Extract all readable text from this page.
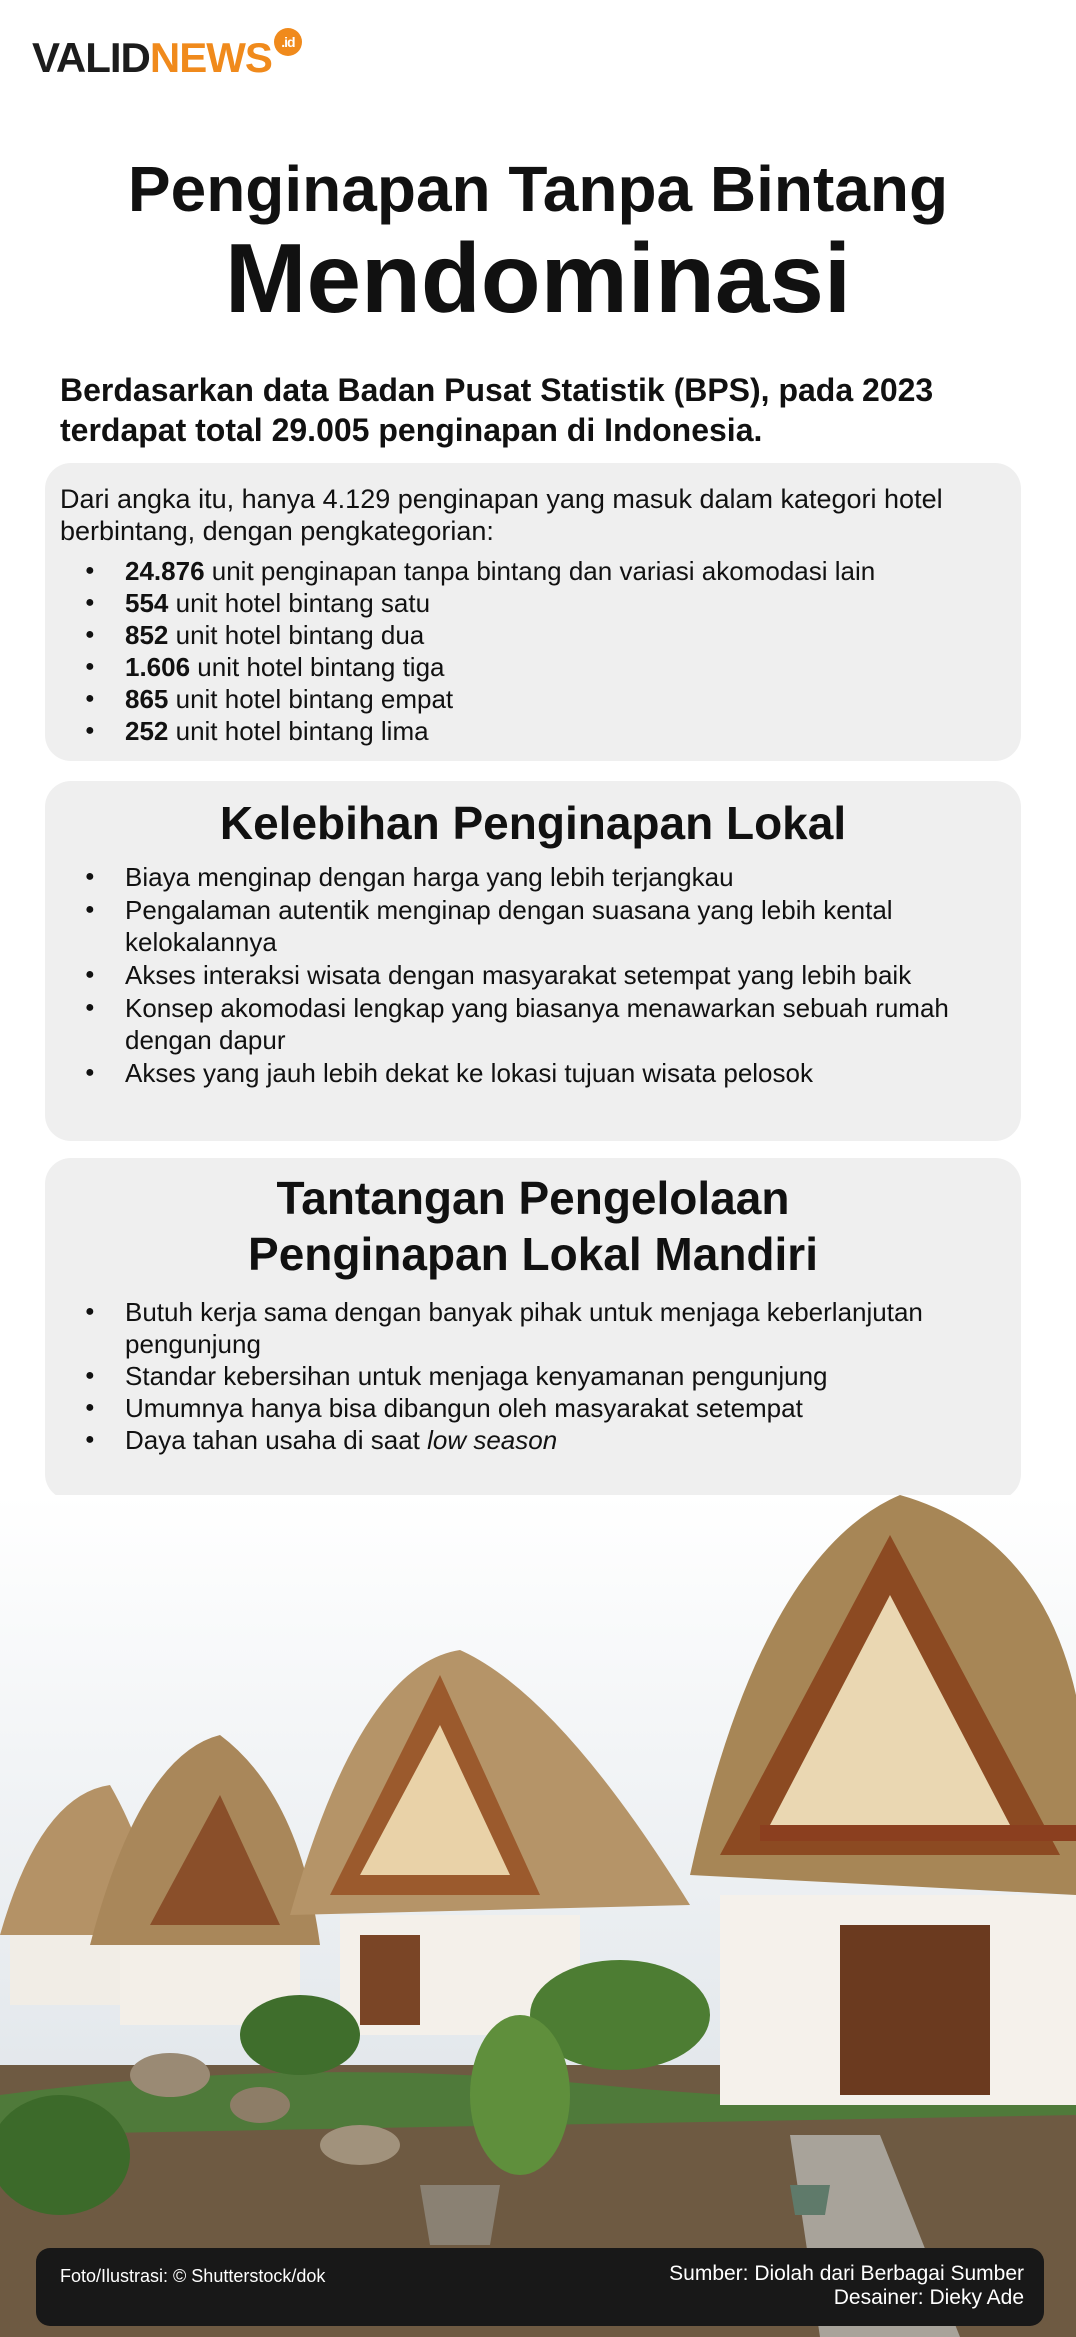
VALIDNEWS .id
Penginapan Tanpa Bintang
Mendominasi
Berdasarkan data Badan Pusat Statistik (BPS), pada 2023 terdapat total 29.005 penginapan di Indonesia.
Dari angka itu, hanya 4.129 penginapan yang masuk dalam kategori hotel berbintang, dengan pengkategorian:
● 24.876 unit penginapan tanpa bintang dan variasi akomodasi lain
● 554 unit hotel bintang satu
● 852 unit hotel bintang dua
● 1.606 unit hotel bintang tiga
● 865 unit hotel bintang empat
● 252 unit hotel bintang lima
Kelebihan Penginapan Lokal
● Biaya menginap dengan harga yang lebih terjangkau
● Pengalaman autentik menginap dengan suasana yang lebih kental kelokalannya
● Akses interaksi wisata dengan masyarakat setempat yang lebih baik
● Konsep akomodasi lengkap yang biasanya menawarkan sebuah rumah dengan dapur
● Akses yang jauh lebih dekat ke lokasi tujuan wisata pelosok
Tantangan Pengelolaan
Penginapan Lokal Mandiri
● Butuh kerja sama dengan banyak pihak untuk menjaga keberlanjutan pengunjung
● Standar kebersihan untuk menjaga kenyamanan pengunjung
● Umumnya hanya bisa dibangun oleh masyarakat setempat
● Daya tahan usaha di saat low season
Foto/Ilustrasi: © Shutterstock/dok	Sumber: Diolah dari Berbagai Sumber
Desainer: Dieky Ade
